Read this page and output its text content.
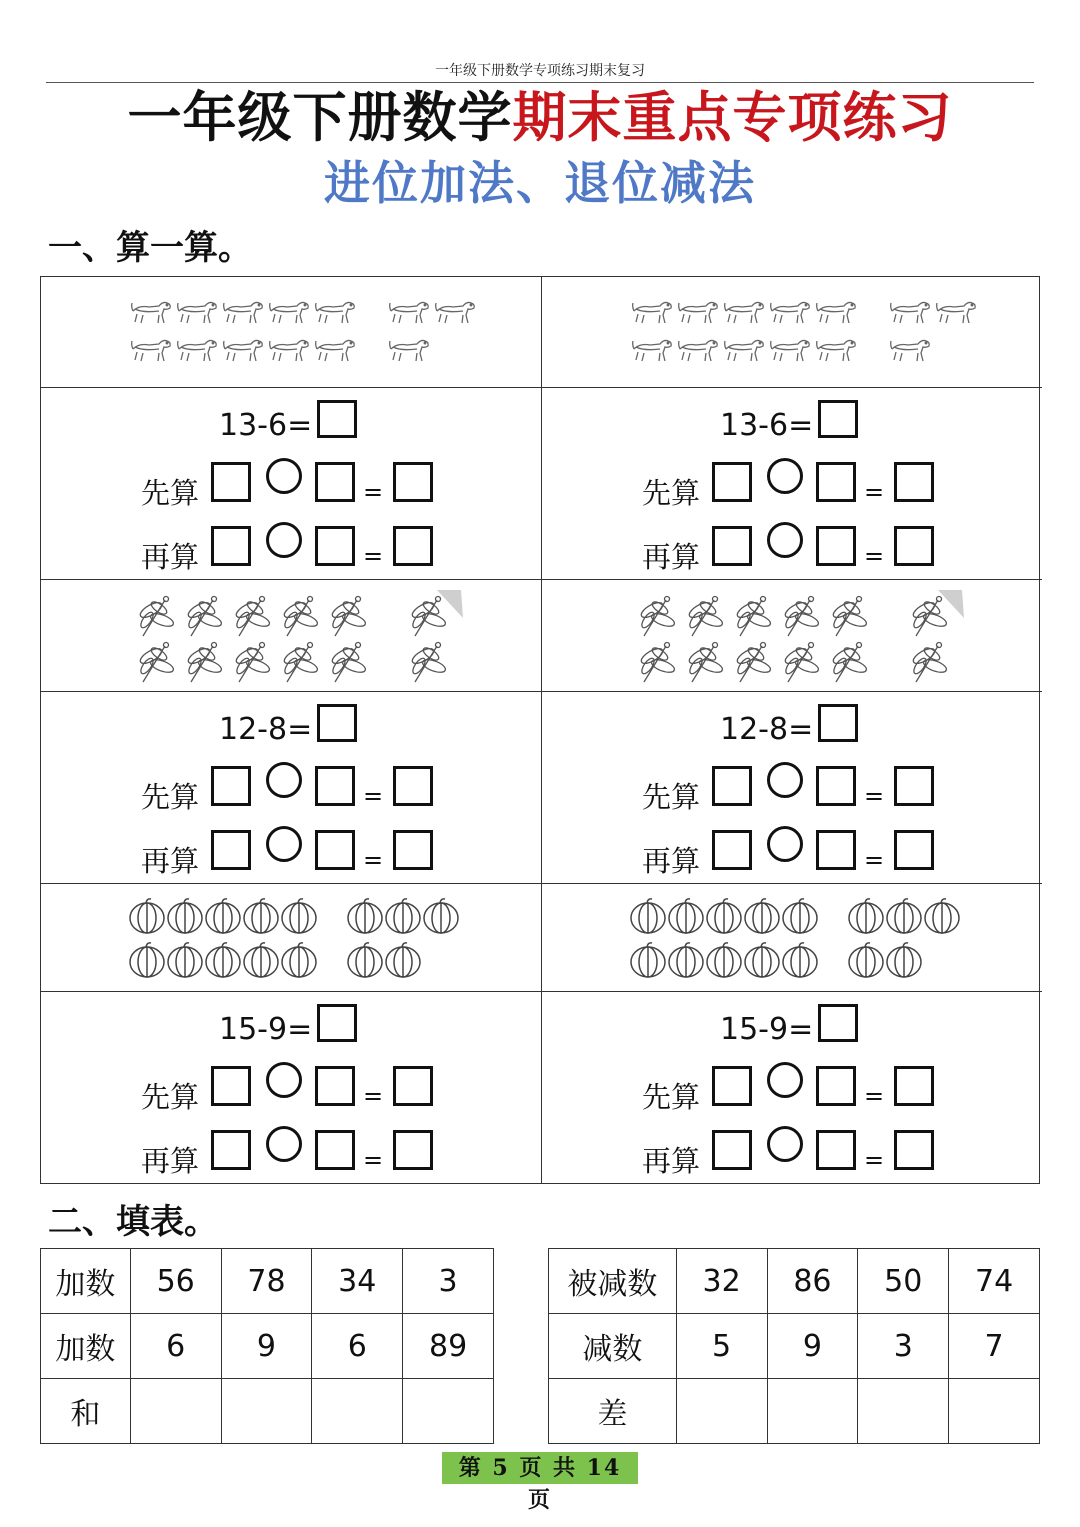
一年级下册数学专项练习期末复习
一年级下册数学期末重点专项练习
进位加法、退位减法
一、算一算。
13-6=
先算	=
再算	=
12-8=
先算	=
再算	=
15-9=
先算	=
再算	=
13-6=
先算	=
再算	=
12-8=
先算	=
再算	=
15-9=
先算	=
再算	=
二、填表。
加数	56	78	34	3
加数	6	9	6	89
和				
被减数	32	86	50	74
减数	5	9	3	7
差				
第 5 页 共 14 页
